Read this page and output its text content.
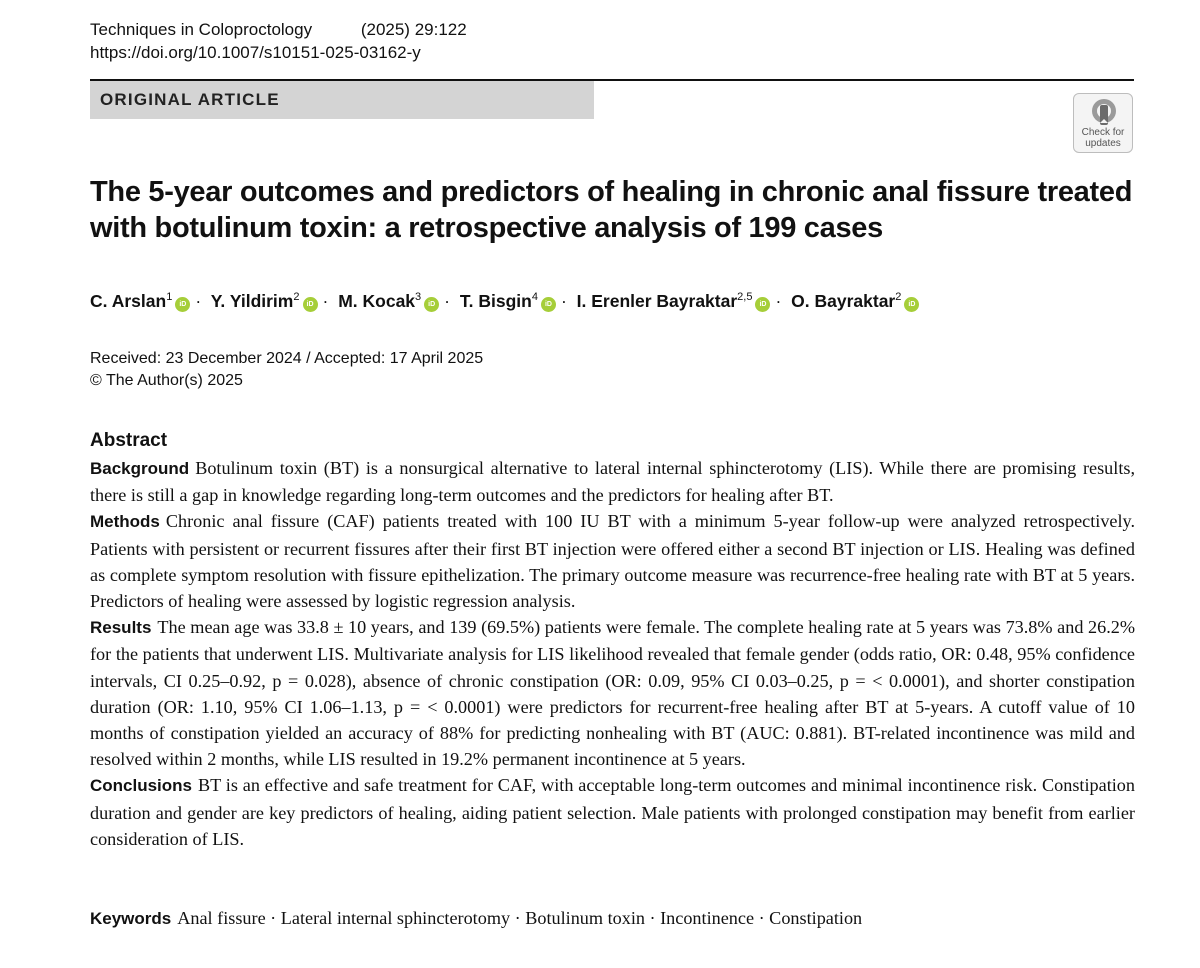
Techniques in Coloproctology	(2025) 29:122
https://doi.org/10.1007/s10151-025-03162-y
ORIGINAL ARTICLE
Check for
updates
The 5-year outcomes and predictors of healing in chronic anal fissure treated with botulinum toxin: a retrospective analysis of 199 cases
C. Arslan$^1$iD · Y. Yildirim$^2$iD · M. Kocak$^3$iD · T. Bisgin$^4$iD · I. Erenler Bayraktar$^{2,5}$iD · O. Bayraktar$^2$iD
Received: 23 December 2024 / Accepted: 17 April 2025
© The Author(s) 2025
Abstract

Background Botulinum toxin (BT) is a nonsurgical alternative to lateral internal sphincterotomy (LIS). While there are promising results, there is still a gap in knowledge regarding long-term outcomes and the predictors for healing after BT.

Methods Chronic anal fissure (CAF) patients treated with 100 IU BT with a minimum 5-year follow-up were analyzed retrospectively. Patients with persistent or recurrent fissures after their first BT injection were offered either a second BT injection or LIS. Healing was defined as complete symptom resolution with fissure epithelization. The primary outcome measure was recurrence-free healing rate with BT at 5 years. Predictors of healing were assessed by logistic regression analysis.

Results The mean age was 33.8 ± 10 years, and 139 (69.5%) patients were female. The complete healing rate at 5 years was 73.8% and 26.2% for the patients that underwent LIS. Multivariate analysis for LIS likelihood revealed that female gender (odds ratio, OR: 0.48, 95% confidence intervals, CI 0.25–0.92, p = 0.028), absence of chronic constipation (OR: 0.09, 95% CI 0.03–0.25, p = < 0.0001), and shorter constipation duration (OR: 1.10, 95% CI 1.06–1.13, p = < 0.0001) were predictors for recurrent-free healing after BT at 5-years. A cutoff value of 10 months of constipation yielded an accuracy of 88% for predicting nonhealing with BT (AUC: 0.881). BT-related incontinence was mild and resolved within 2 months, while LIS resulted in 19.2% permanent incontinence at 5 years.

Conclusions BT is an effective and safe treatment for CAF, with acceptable long-term outcomes and minimal incontinence risk. Constipation duration and gender are key predictors of healing, aiding patient selection. Male patients with prolonged constipation may benefit from earlier consideration of LIS.

Keywords Anal fissure · Lateral internal sphincterotomy · Botulinum toxin · Incontinence · Constipation
